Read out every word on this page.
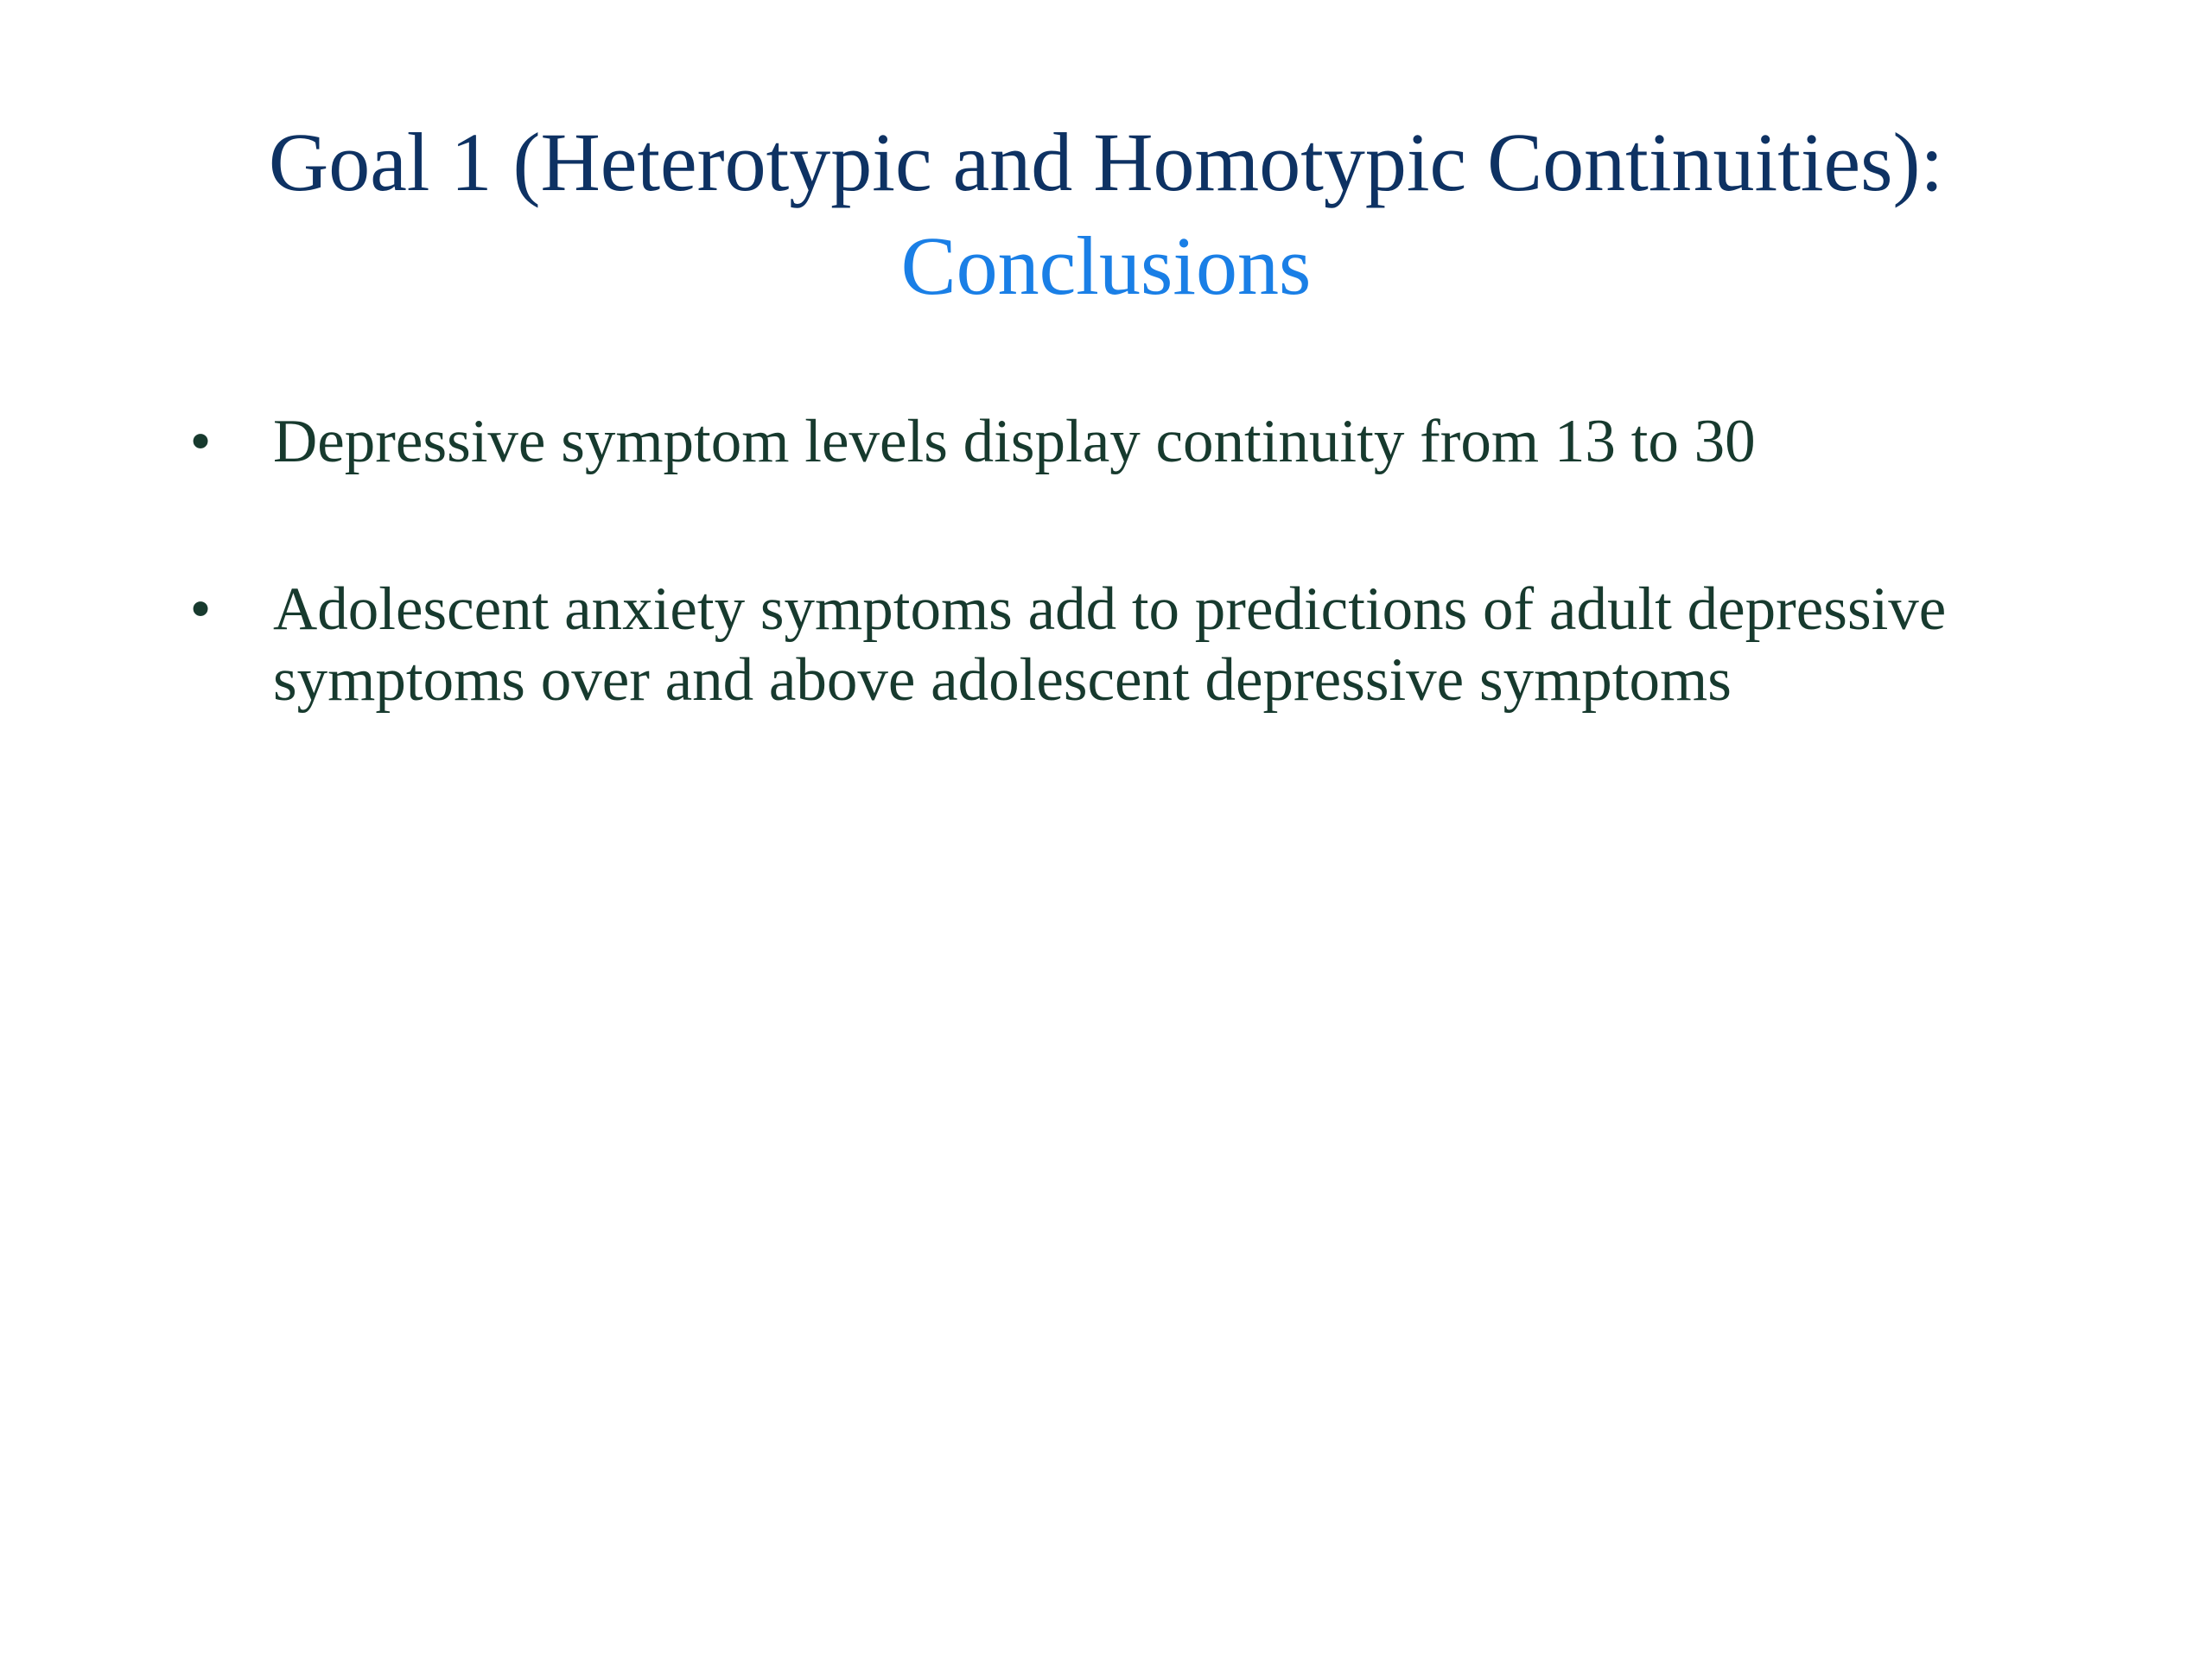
Goal 1 (Heterotypic and Homotypic Continuities):
Conclusions
• Depressive symptom levels display continuity from 13 to 30
• Adolescent anxiety symptoms add to predictions of adult depressive symptoms over and above adolescent depressive symptoms
